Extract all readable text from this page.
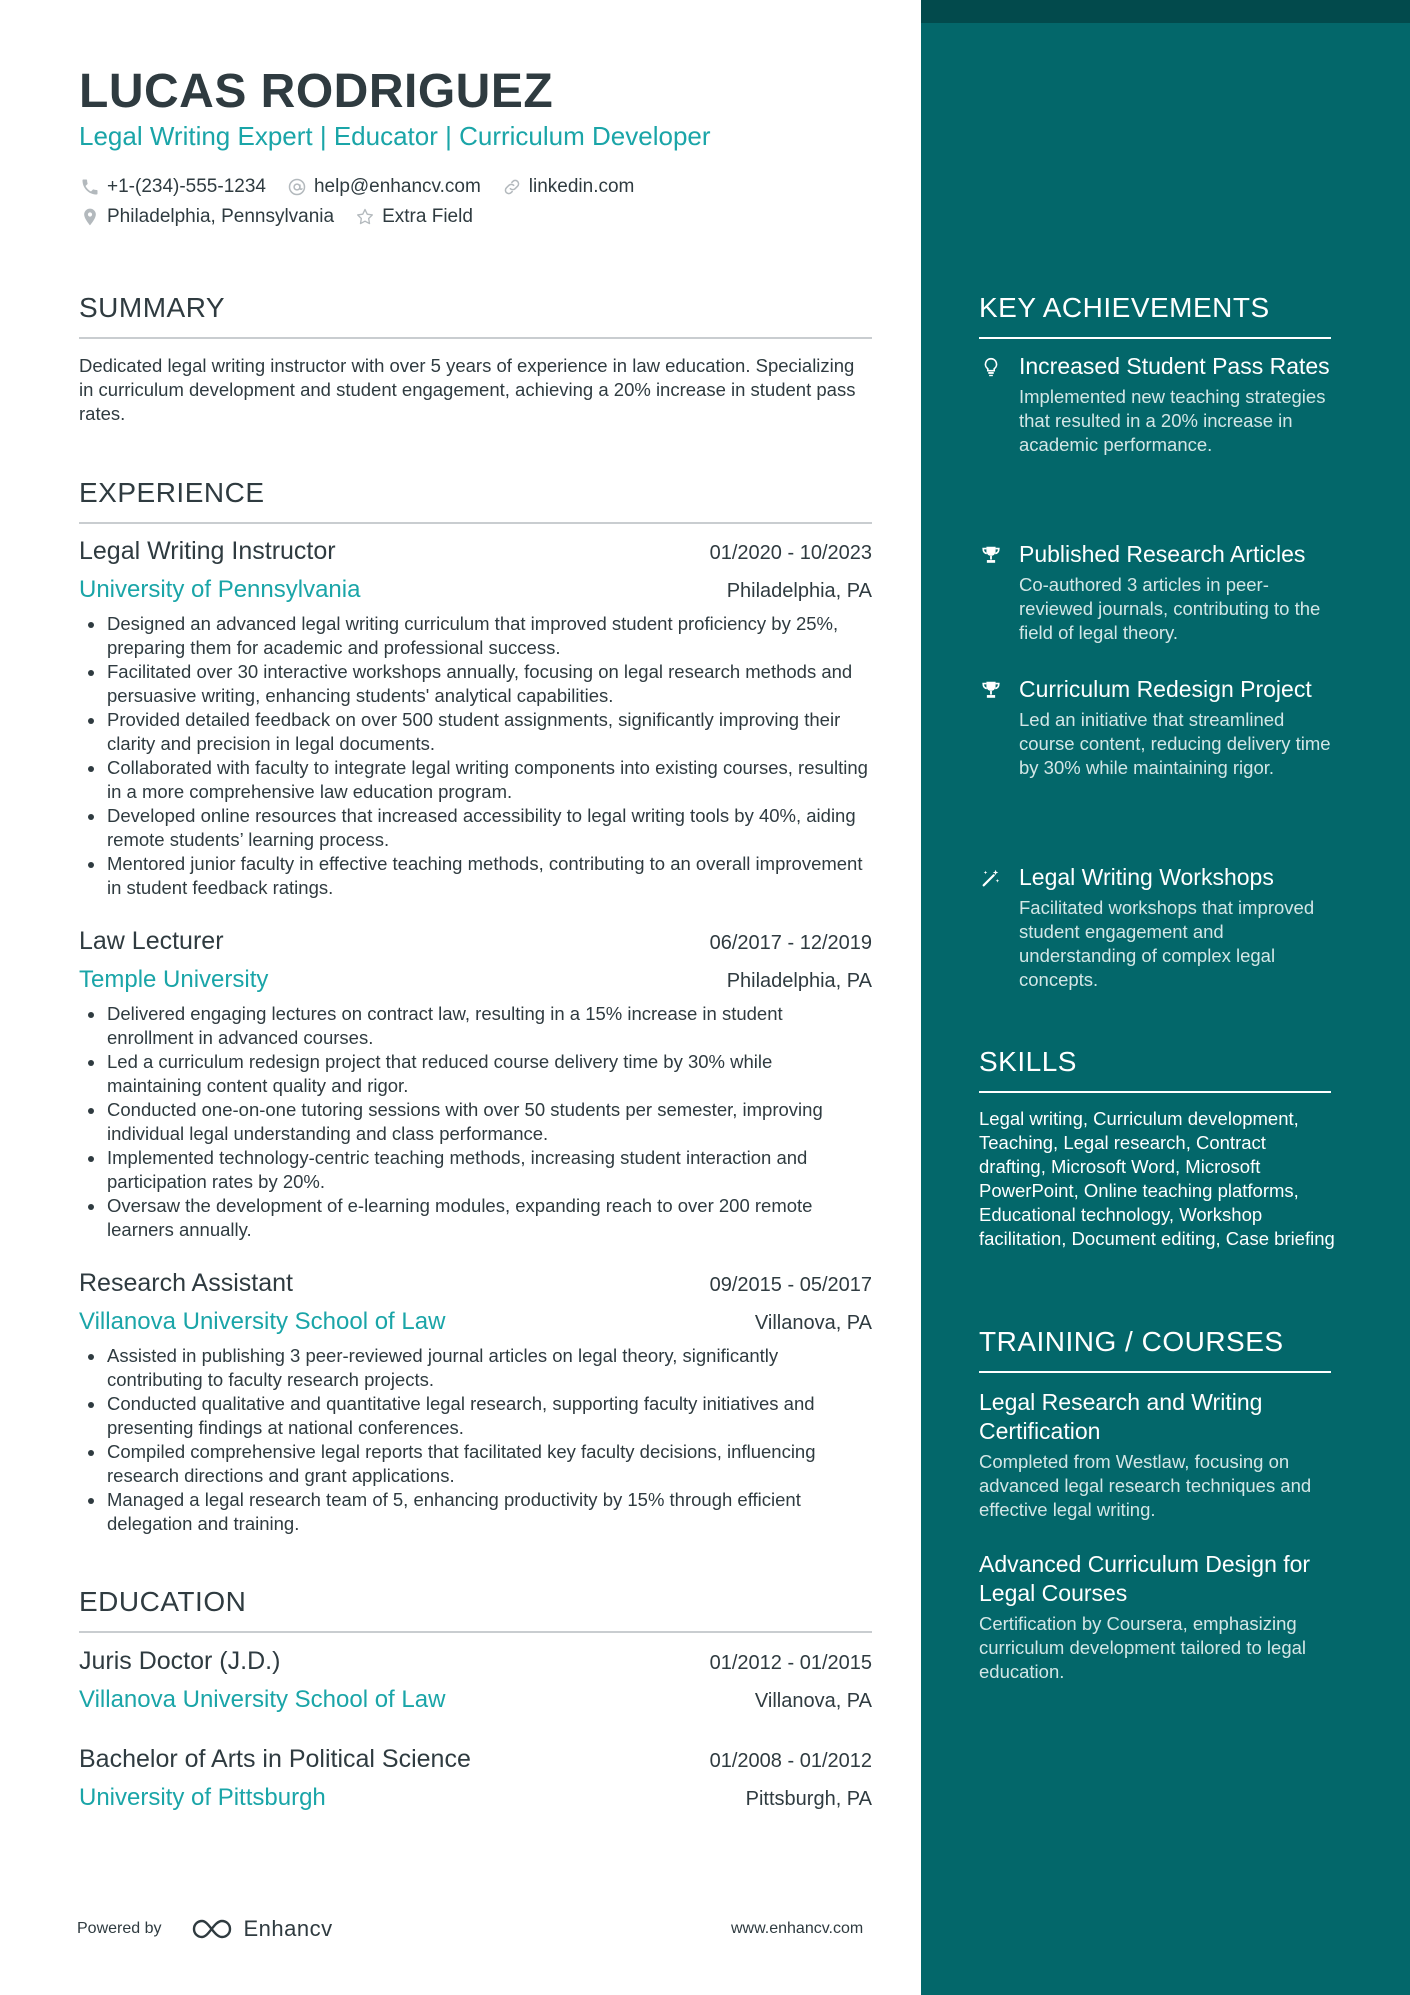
LUCAS RODRIGUEZ
Legal Writing Expert | Educator | Curriculum Developer
+1-(234)-555-1234	help@enhancv.com	linkedin.com
Philadelphia, Pennsylvania	Extra Field
SUMMARY
Dedicated legal writing instructor with over 5 years of experience in law education. Specializing in curriculum development and student engagement, achieving a 20% increase in student pass rates.
EXPERIENCE
Legal Writing Instructor	01/2020 - 10/2023
University of Pennsylvania	Philadelphia, PA
Designed an advanced legal writing curriculum that improved student proficiency by 25%, preparing them for academic and professional success.
Facilitated over 30 interactive workshops annually, focusing on legal research methods and persuasive writing, enhancing students' analytical capabilities.
Provided detailed feedback on over 500 student assignments, significantly improving their clarity and precision in legal documents.
Collaborated with faculty to integrate legal writing components into existing courses, resulting in a more comprehensive law education program.
Developed online resources that increased accessibility to legal writing tools by 40%, aiding remote students’ learning process.
Mentored junior faculty in effective teaching methods, contributing to an overall improvement in student feedback ratings.
Law Lecturer	06/2017 - 12/2019
Temple University	Philadelphia, PA
Delivered engaging lectures on contract law, resulting in a 15% increase in student enrollment in advanced courses.
Led a curriculum redesign project that reduced course delivery time by 30% while maintaining content quality and rigor.
Conducted one-on-one tutoring sessions with over 50 students per semester, improving individual legal understanding and class performance.
Implemented technology-centric teaching methods, increasing student interaction and participation rates by 20%.
Oversaw the development of e-learning modules, expanding reach to over 200 remote learners annually.
Research Assistant	09/2015 - 05/2017
Villanova University School of Law	Villanova, PA
Assisted in publishing 3 peer-reviewed journal articles on legal theory, significantly contributing to faculty research projects.
Conducted qualitative and quantitative legal research, supporting faculty initiatives and presenting findings at national conferences.
Compiled comprehensive legal reports that facilitated key faculty decisions, influencing research directions and grant applications.
Managed a legal research team of 5, enhancing productivity by 15% through efficient delegation and training.
EDUCATION
Juris Doctor (J.D.)	01/2012 - 01/2015
Villanova University School of Law	Villanova, PA
Bachelor of Arts in Political Science	01/2008 - 01/2012
University of Pittsburgh	Pittsburgh, PA
Powered by	Enhancv	www.enhancv.com
KEY ACHIEVEMENTS
Increased Student Pass Rates
Implemented new teaching strategies that resulted in a 20% increase in academic performance.
Published Research Articles
Co-authored 3 articles in peer-reviewed journals, contributing to the field of legal theory.
Curriculum Redesign Project
Led an initiative that streamlined course content, reducing delivery time by 30% while maintaining rigor.
Legal Writing Workshops
Facilitated workshops that improved student engagement and understanding of complex legal concepts.
SKILLS
Legal writing, Curriculum development, Teaching, Legal research, Contract drafting, Microsoft Word, Microsoft PowerPoint, Online teaching platforms, Educational technology, Workshop facilitation, Document editing, Case briefing
TRAINING / COURSES
Legal Research and Writing Certification
Completed from Westlaw, focusing on advanced legal research techniques and effective legal writing.
Advanced Curriculum Design for Legal Courses
Certification by Coursera, emphasizing curriculum development tailored to legal education.
